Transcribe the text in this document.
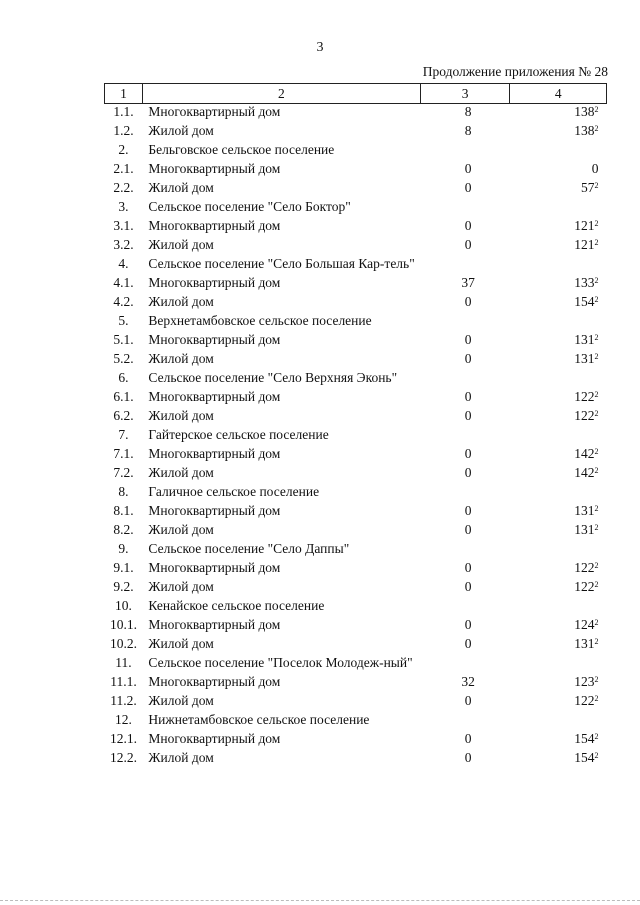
3
Продолжение приложения № 28
1	2	3	4
1.1.	Многоквартирный дом	8	$138^2$
1.2.	Жилой дом	8	$138^2$
2.	Бельговское сельское поселение		

2.1.	Многоквартирный дом	0	0
2.2.	Жилой дом	0	$57^2$
3.	Сельское поселение "Село Боктор"		

3.1.	Многоквартирный дом	0	$121^2$
3.2.	Жилой дом	0	$121^2$
4.	Сельское поселение "Село Большая Кар-тель"		

4.1.	Многоквартирный дом	37	$133^2$
4.2.	Жилой дом	0	$154^2$
5.	Верхнетамбовское сельское поселение		

5.1.	Многоквартирный дом	0	$131^2$
5.2.	Жилой дом	0	$131^2$
6.	Сельское поселение "Село Верхняя Эконь"		

6.1.	Многоквартирный дом	0	$122^2$
6.2.	Жилой дом	0	$122^2$
7.	Гайтерское сельское поселение		

7.1.	Многоквартирный дом	0	$142^2$
7.2.	Жилой дом	0	$142^2$
8.	Галичное сельское поселение		

8.1.	Многоквартирный дом	0	$131^2$
8.2.	Жилой дом	0	$131^2$
9.	Сельское поселение "Село Даппы"		

9.1.	Многоквартирный дом	0	$122^2$
9.2.	Жилой дом	0	$122^2$
10.	Кенайское сельское поселение		

10.1.	Многоквартирный дом	0	$124^2$
10.2.	Жилой дом	0	$131^2$
11.	Сельское поселение "Поселок Молодеж-ный"		

11.1.	Многоквартирный дом	32	$123^2$
11.2.	Жилой дом	0	$122^2$
12.	Нижнетамбовское сельское поселение		

12.1.	Многоквартирный дом	0	$154^2$
12.2.	Жилой дом	0	$154^2$
